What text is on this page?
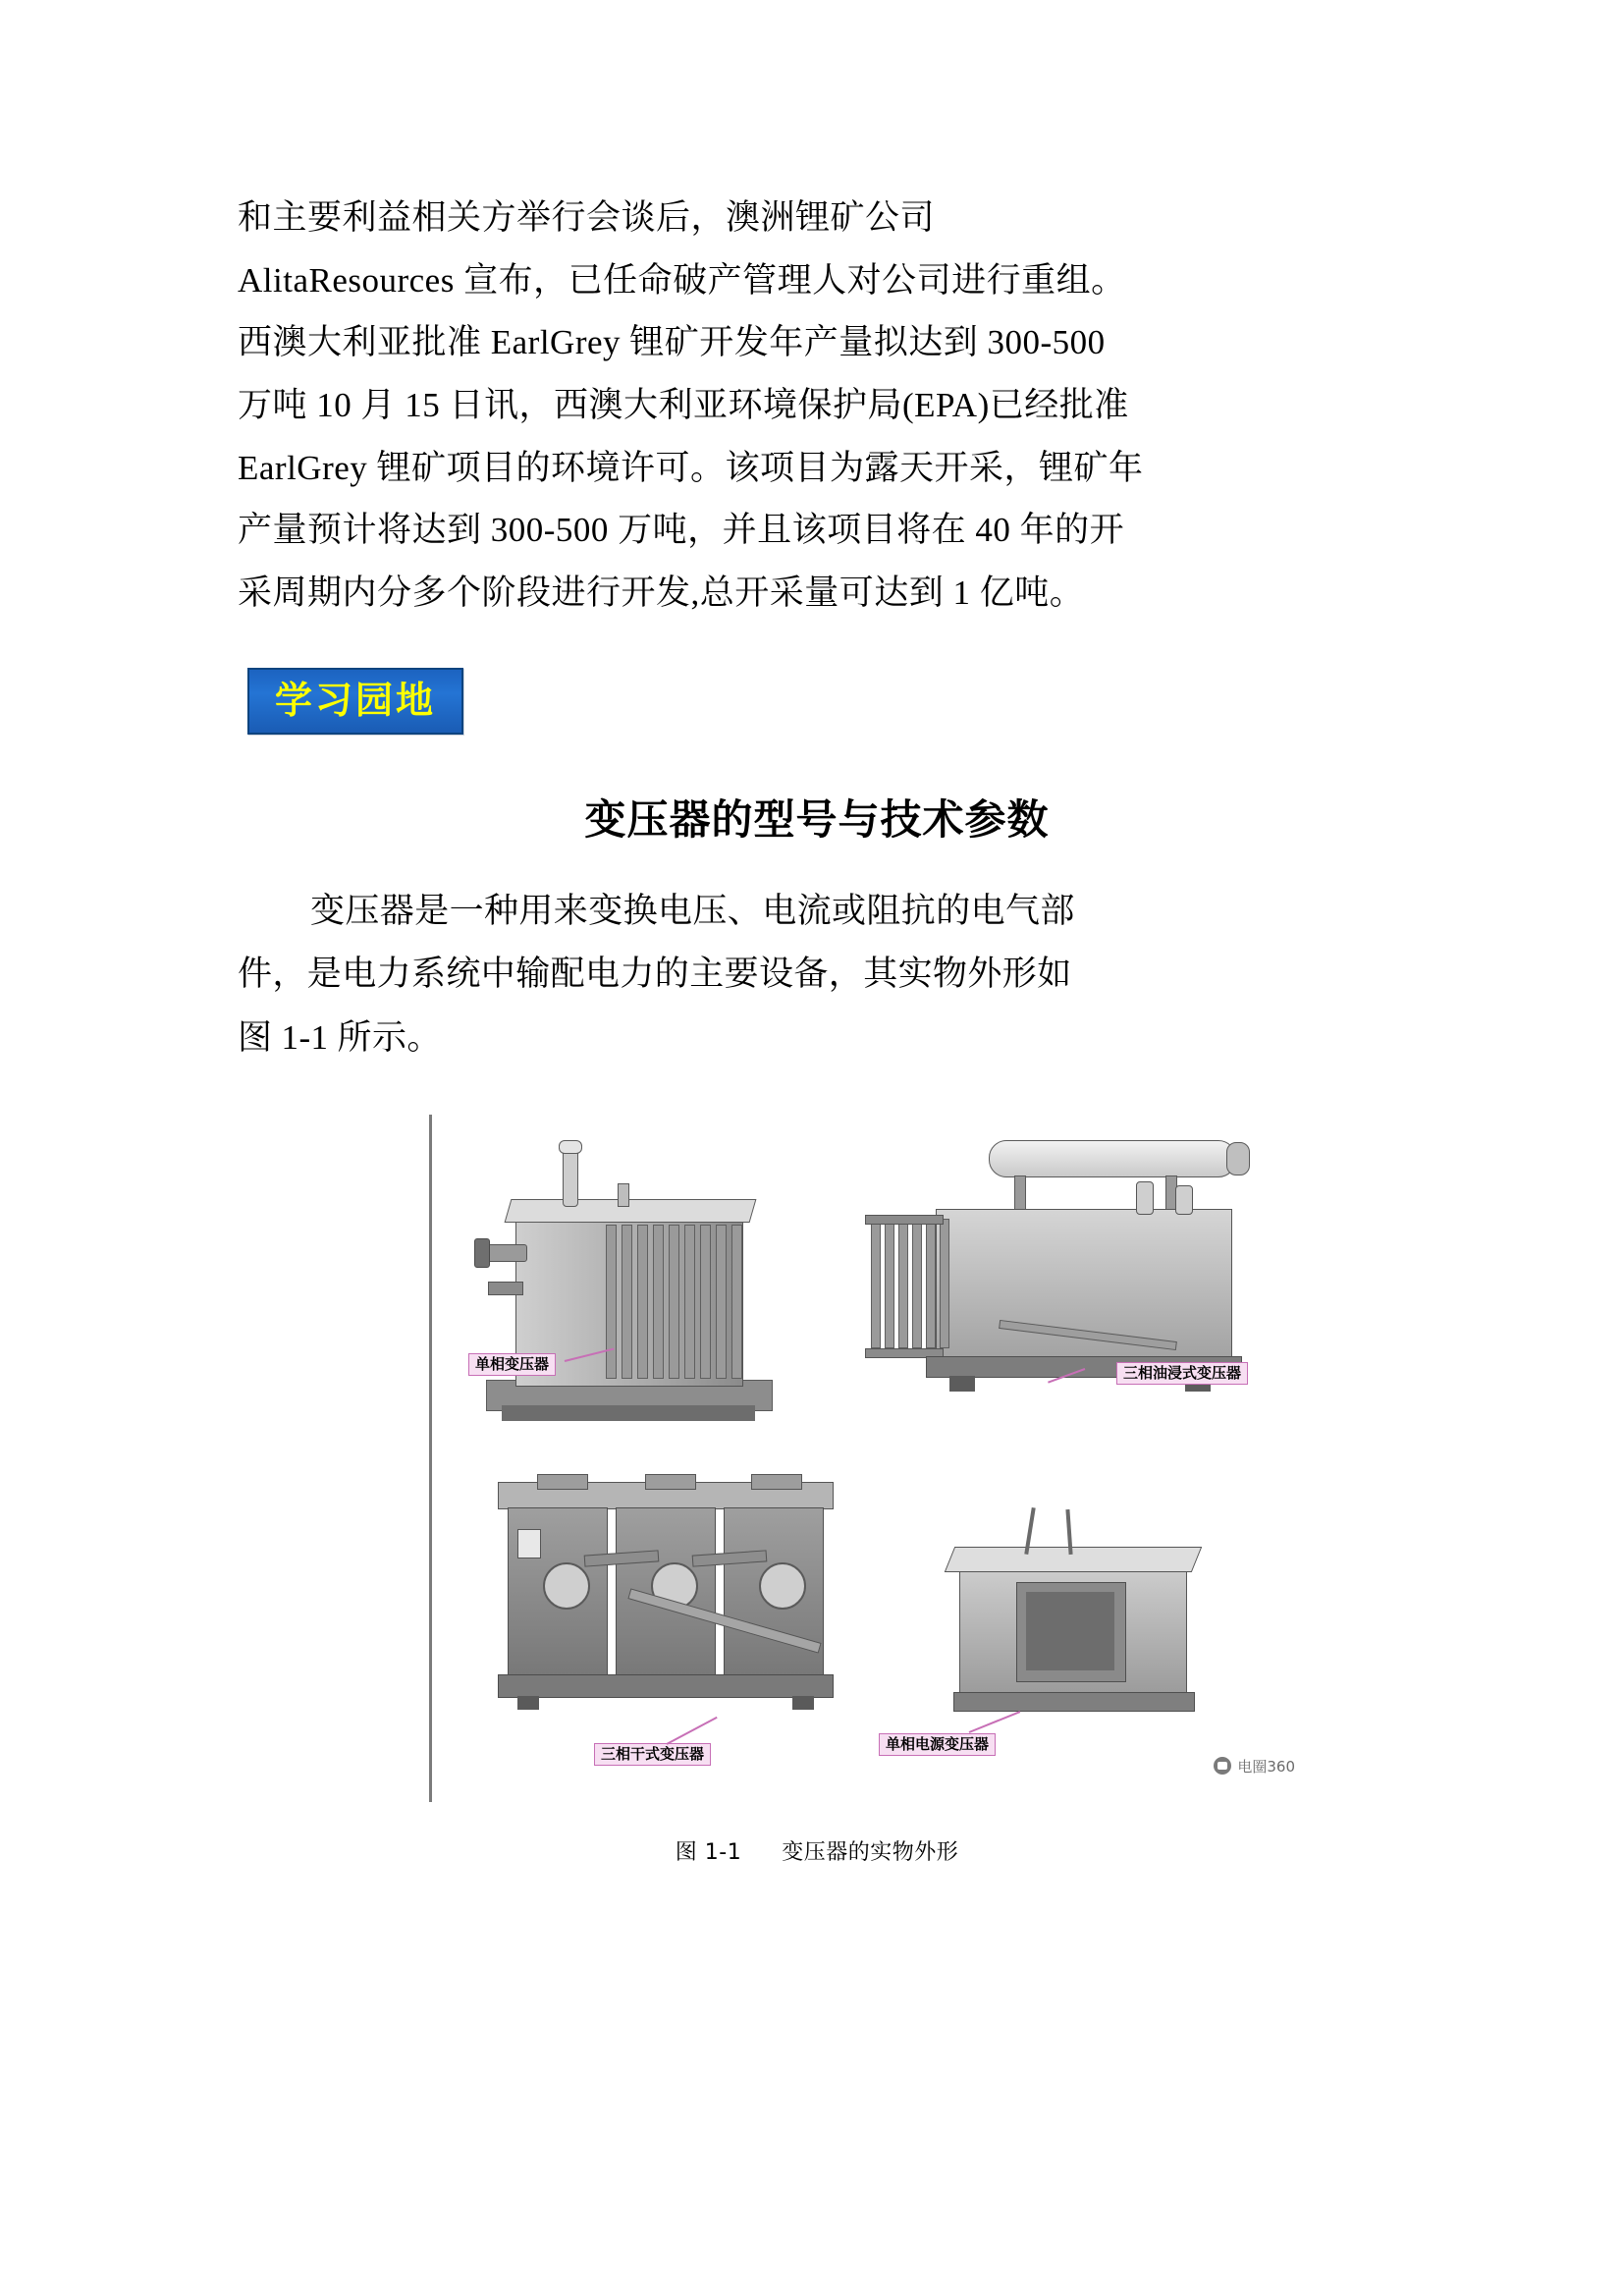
和主要利益相关方举行会谈后，澳洲锂矿公司
AlitaResources 宣布，已任命破产管理人对公司进行重组。
西澳大利亚批准 EarlGrey 锂矿开发年产量拟达到 300-500
万吨 10 月 15 日讯，西澳大利亚环境保护局(EPA)已经批准
EarlGrey 锂矿项目的环境许可。该项目为露天开采，锂矿年
产量预计将达到 300-500 万吨，并且该项目将在 40 年的开
采周期内分多个阶段进行开发,总开采量可达到 1 亿吨。
学习园地
变压器的型号与技术参数
变压器是一种用来变换电压、电流或阻抗的电气部
件，是电力系统中输配电力的主要设备，其实物外形如
图 1-1 所示。
单相变压器	三相油浸式变压器
三相干式变压器
单相电源变压器
电圈360
图 1-1 变压器的实物外形
